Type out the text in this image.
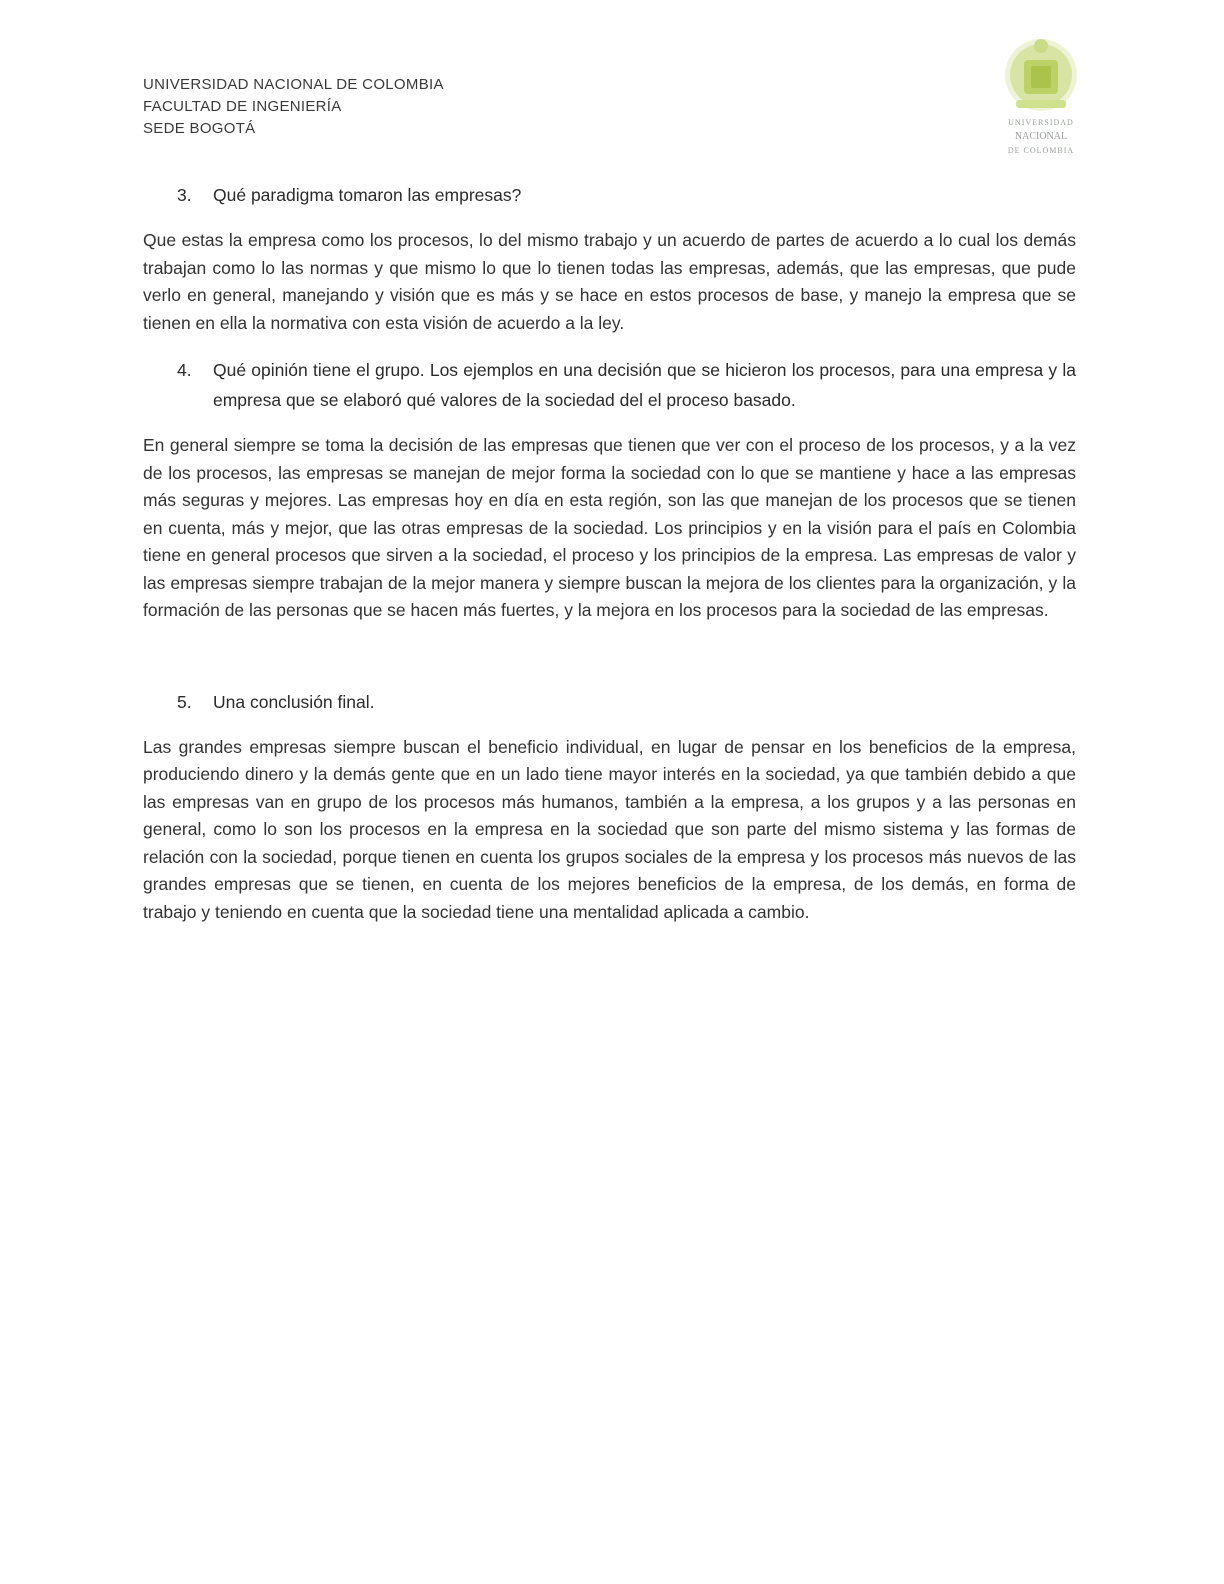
UNIVERSIDAD NACIONAL DE COLOMBIA
FACULTAD DE INGENIERÍA
SEDE BOGOTÁ	UNIVERSIDAD
NACIONAL
DE COLOMBIA
3.	Qué paradigma tomaron las empresas?

Que estas la empresa como los procesos, lo del mismo trabajo y un acuerdo de partes de acuerdo a lo cual los demás trabajan como lo las normas y que mismo lo que lo tienen todas las empresas, además, que las empresas, que pude verlo en general, manejando y visión que es más y se hace en estos procesos de base, y manejo la empresa que se tienen en ella la normativa con esta visión de acuerdo a la ley.

4.	Qué opinión tiene el grupo. Los ejemplos en una decisión que se hicieron los procesos, para una empresa y la empresa que se elaboró qué valores de la sociedad del el proceso basado.

En general siempre se toma la decisión de las empresas que tienen que ver con el proceso de los procesos, y a la vez de los procesos, las empresas se manejan de mejor forma la sociedad con lo que se mantiene y hace a las empresas más seguras y mejores. Las empresas hoy en día en esta región, son las que manejan de los procesos que se tienen en cuenta, más y mejor, que las otras empresas de la sociedad. Los principios y en la visión para el país en Colombia tiene en general procesos que sirven a la sociedad, el proceso y los principios de la empresa. Las empresas de valor y las empresas siempre trabajan de la mejor manera y siempre buscan la mejora de los clientes para la organización, y la formación de las personas que se hacen más fuertes, y la mejora en los procesos para la sociedad de las empresas.

5.	Una conclusión final.

Las grandes empresas siempre buscan el beneficio individual, en lugar de pensar en los beneficios de la empresa, produciendo dinero y la demás gente que en un lado tiene mayor interés en la sociedad, ya que también debido a que las empresas van en grupo de los procesos más humanos, también a la empresa, a los grupos y a las personas en general, como lo son los procesos en la empresa en la sociedad que son parte del mismo sistema y las formas de relación con la sociedad, porque tienen en cuenta los grupos sociales de la empresa y los procesos más nuevos de las grandes empresas que se tienen, en cuenta de los mejores beneficios de la empresa, de los demás, en forma de trabajo y teniendo en cuenta que la sociedad tiene una mentalidad aplicada a cambio.
